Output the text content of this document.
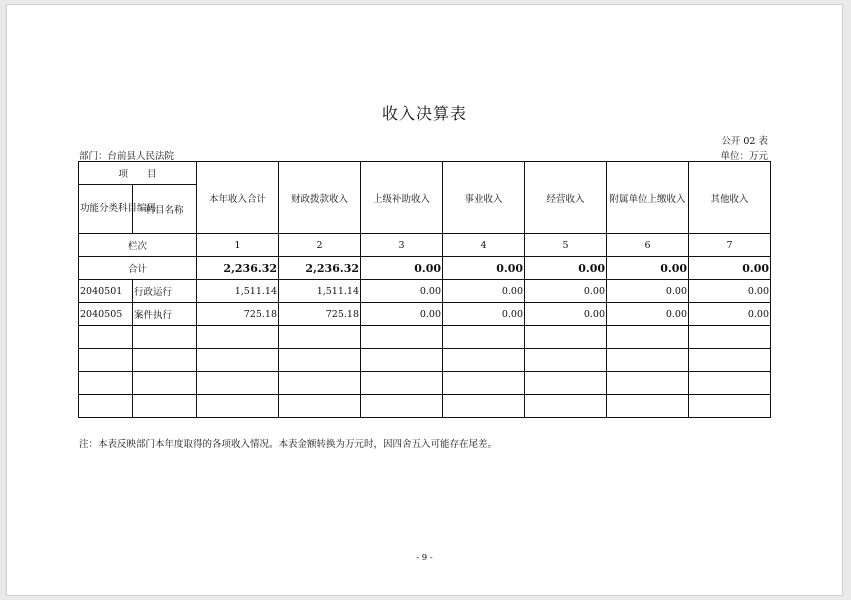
收入决算表
公开 02 表
部门：台前县人民法院	单位：万元
项　　目		本年收入合计	财政拨款收入	上级补助收入	事业收入	经营收入	附属单位上缴收入	其他收入
功能分类科目编码	科目名称							
栏次		1	2	3	4	5	6	7
合计		2,236.32	2,236.32	0.00	0.00	0.00	0.00	0.00
2040501	行政运行	1,511.14	1,511.14	0.00	0.00	0.00	0.00	0.00
2040505	案件执行	725.18	725.18	0.00	0.00	0.00	0.00	0.00

注：本表反映部门本年度取得的各项收入情况。本表金额转换为万元时，因四舍五入可能存在尾差。
- 9 -
